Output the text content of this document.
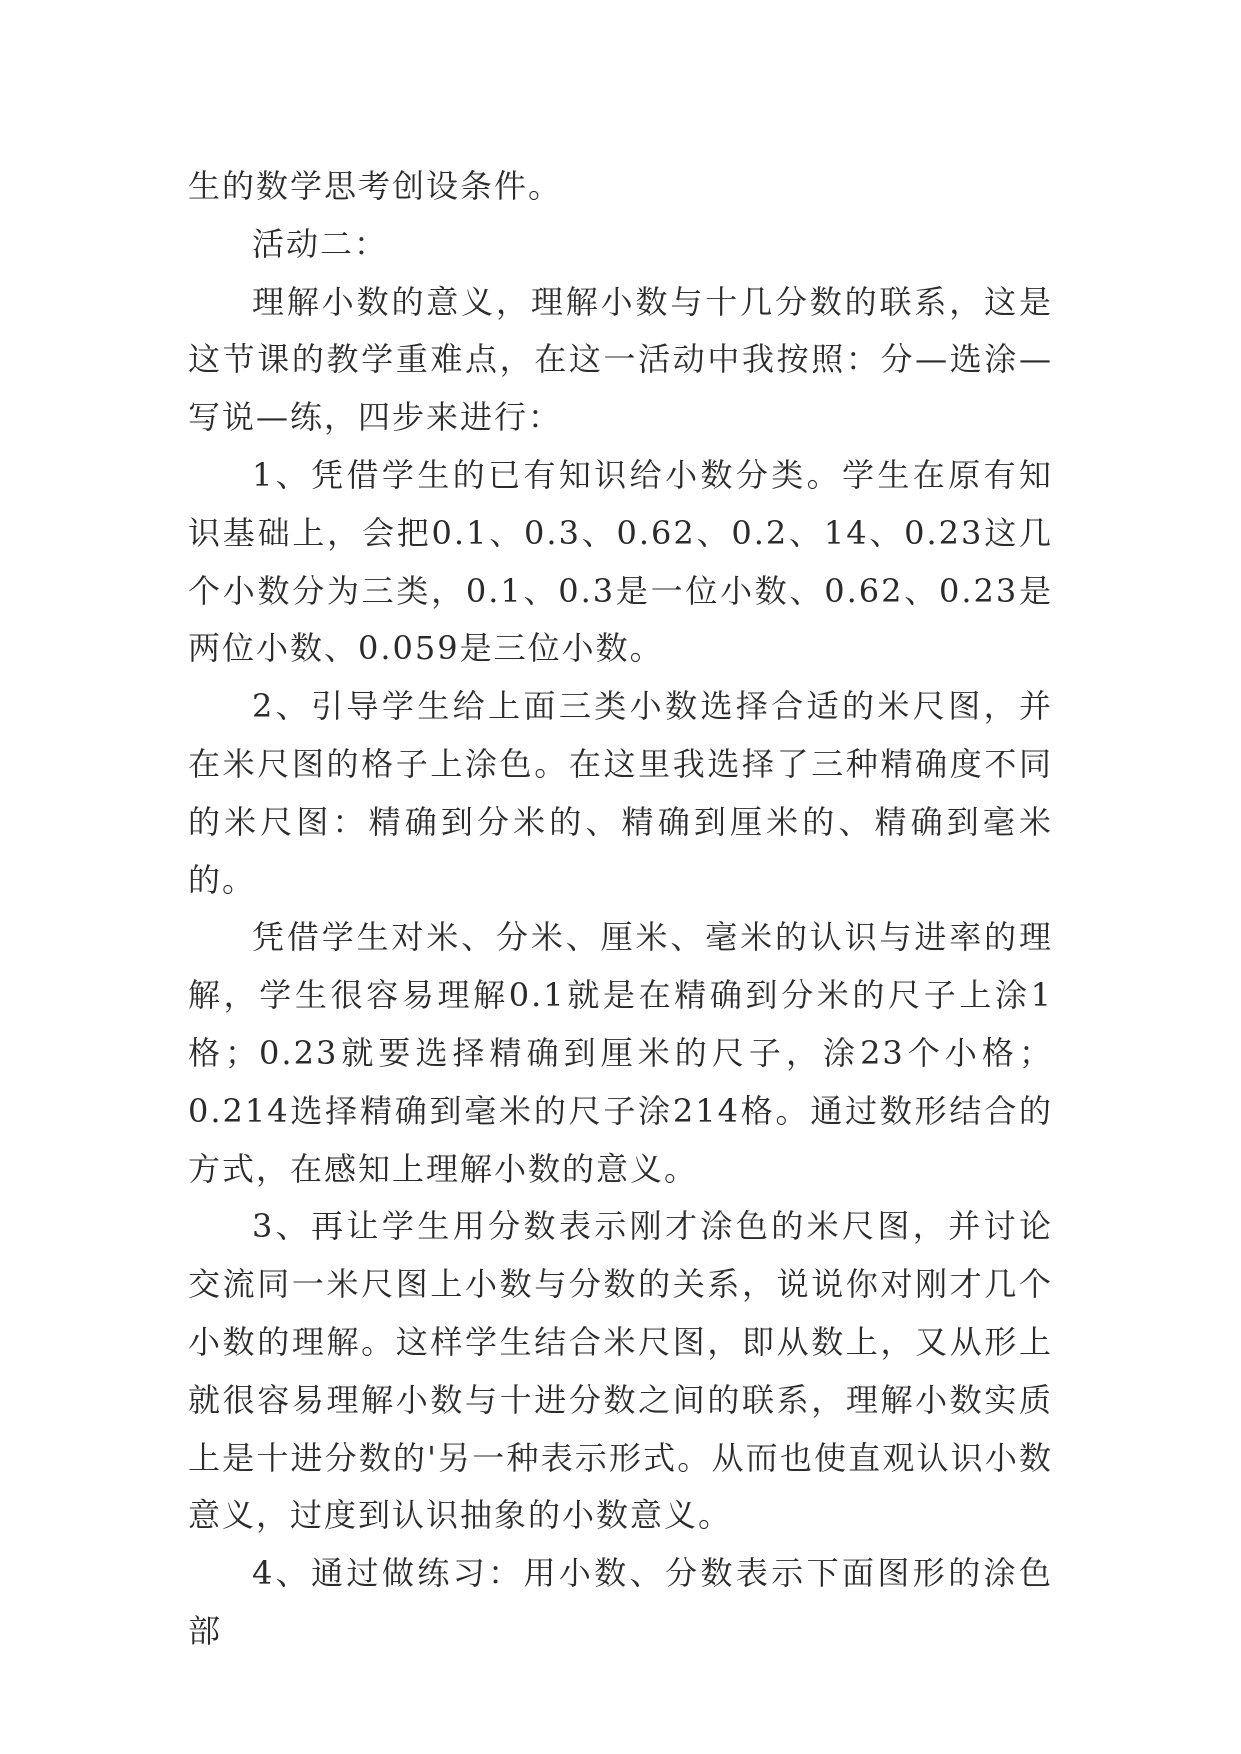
生的数学思考创设条件。

活动二：

理解小数的意义，理解小数与十几分数的联系，这是这节课的教学重难点，在这一活动中我按照：分—选涂—写说—练，四步来进行：

1、凭借学生的已有知识给小数分类。学生在原有知识基础上，会把0.1、0.3、0.62、0.2、14、0.23这几个小数分为三类，0.1、0.3是一位小数、0.62、0.23是两位小数、0.059是三位小数。

2、引导学生给上面三类小数选择合适的米尺图，并在米尺图的格子上涂色。在这里我选择了三种精确度不同的米尺图：精确到分米的、精确到厘米的、精确到毫米的。

凭借学生对米、分米、厘米、毫米的认识与进率的理解，学生很容易理解0.1就是在精确到分米的尺子上涂1格；0.23就要选择精确到厘米的尺子，涂23个小格；0.214选择精确到毫米的尺子涂214格。通过数形结合的方式，在感知上理解小数的意义。

3、再让学生用分数表示刚才涂色的米尺图，并讨论交流同一米尺图上小数与分数的关系，说说你对刚才几个小数的理解。这样学生结合米尺图，即从数上，又从形上就很容易理解小数与十进分数之间的联系，理解小数实质上是十进分数的'另一种表示形式。从而也使直观认识小数意义，过度到认识抽象的小数意义。

4、通过做练习：用小数、分数表示下面图形的涂色部
